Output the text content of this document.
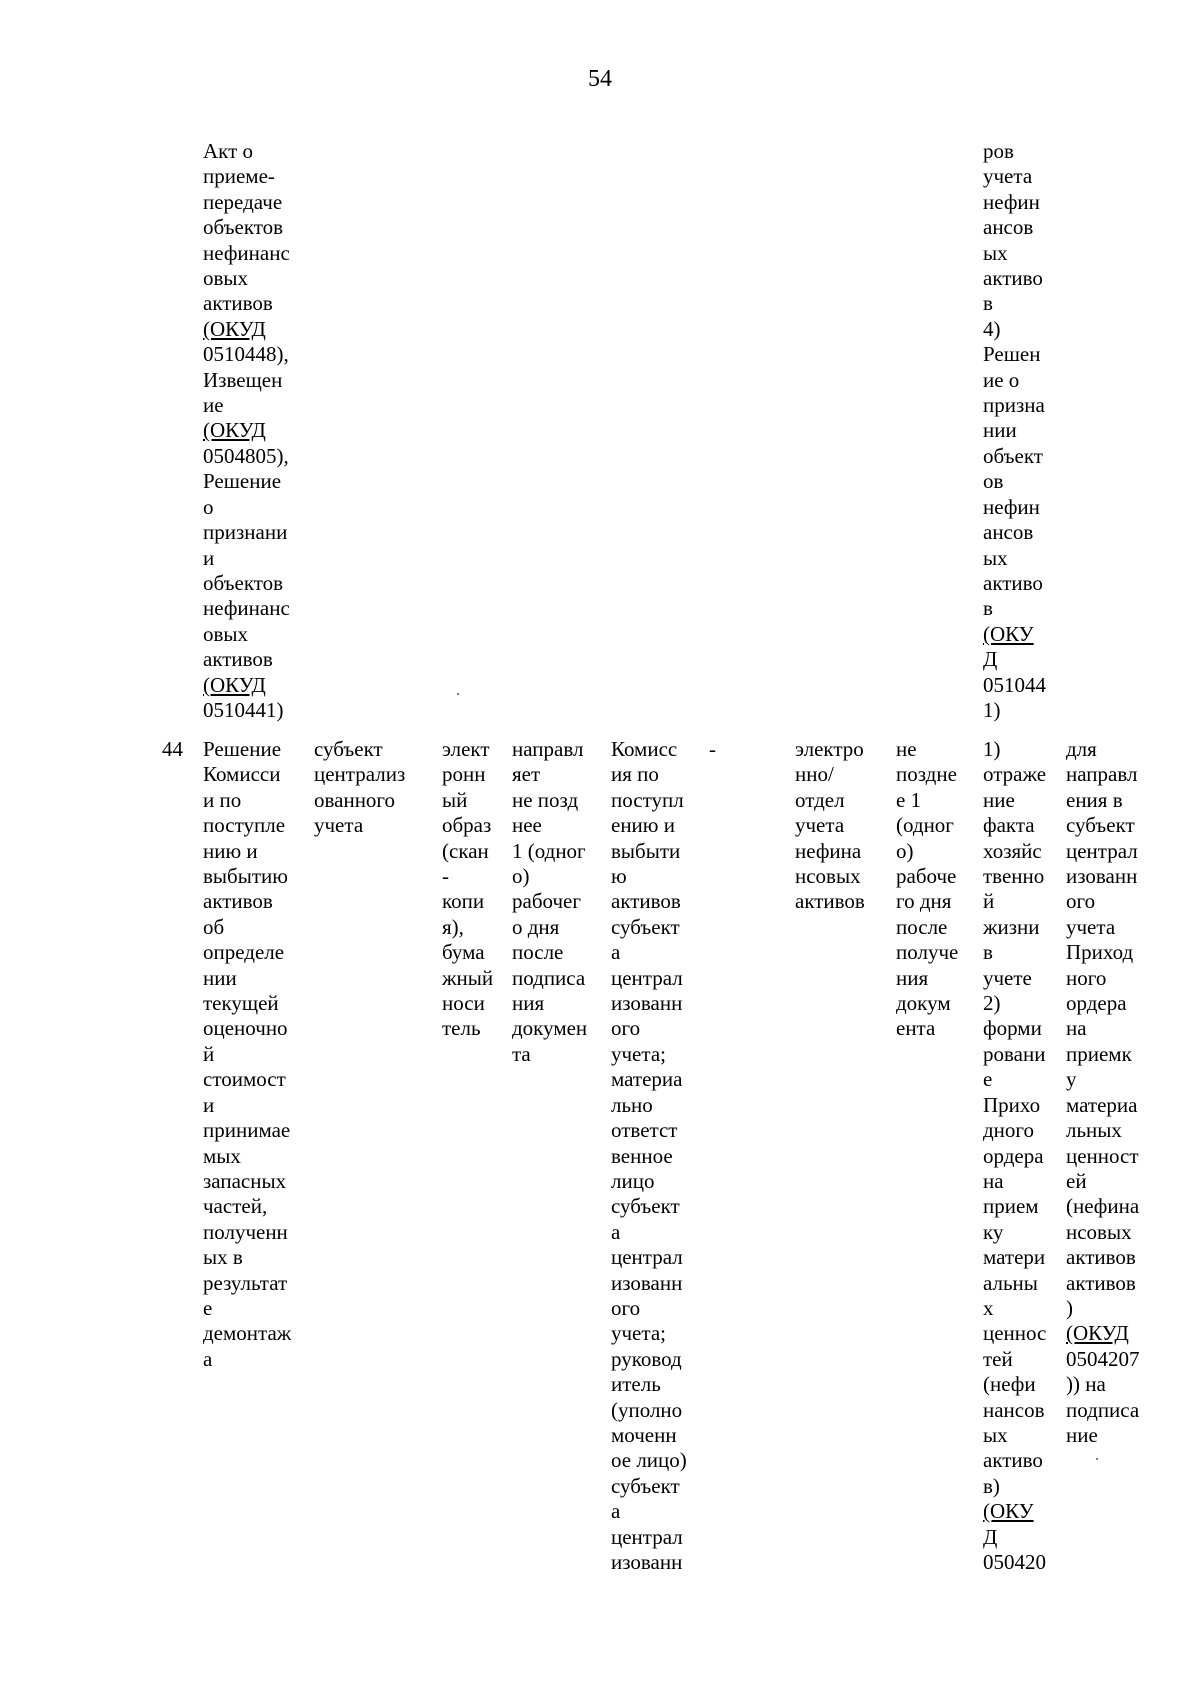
54
Акт о
приеме-
передаче
объектов
нефинанс
овых
активов
(ОКУД
0510448),
Извещен
ие
(ОКУД
0504805),
Решение
о
признани
и
объектов
нефинанс
овых
активов
(ОКУД
0510441)
ров
учета
нефин
ансов
ых
активо
в
4)
Решен
ие о
призна
нии
объект
ов
нефин
ансов
ых
активо
в
(ОКУ
Д
051044
1)
44 Решение
Комисси
и по
поступле
нию и
выбытию
активов
об
определе
нии
текущей
оценочно
й
стоимост
и
принимае
мых
запасных
частей,
полученн
ых в
результат
е
демонтаж
а
субъект
централиз
ованного
учета
элект
ронн
ый
образ
(скан
-
копи
я),
бума
жный
носи
тель
направл
яет
не позд
нее
1 (одног
о)
рабочег
о дня
после
подписа
ния
докумен
та
Комисс
ия по
поступл
ению и
выбыти
ю
активов
субъект
а
централ
изованн
ого
учета;
материа
льно
ответст
венное
лицо
субъект
а
централ
изованн
ого
учета;
руковод
итель
(уполно
моченн
ое лицо)
субъект
а
централ
изованн
-	электро
нно/
отдел
учета
нефина
нсовых
активов
не
поздне
е 1
(одног
о)
рабоче
го дня
после
получе
ния
докум
ента
1)
отраже
ние
факта
хозяйс
твенно
й
жизни
в
учете
2)
форми
ровани
е
Прихо
дного
ордера
на
прием
ку
матери
альны
х
ценнос
тей
(нефи
нансов
ых
активо
в)
(ОКУ
Д
050420
для
направл
ения в
субъект
централ
изованн
ого
учета
Приход
ного
ордера
на
приемк
у
материа
льных
ценност
ей
(нефина
нсовых
активов
активов
)
(ОКУД
0504207
)) на
подписа
ние
